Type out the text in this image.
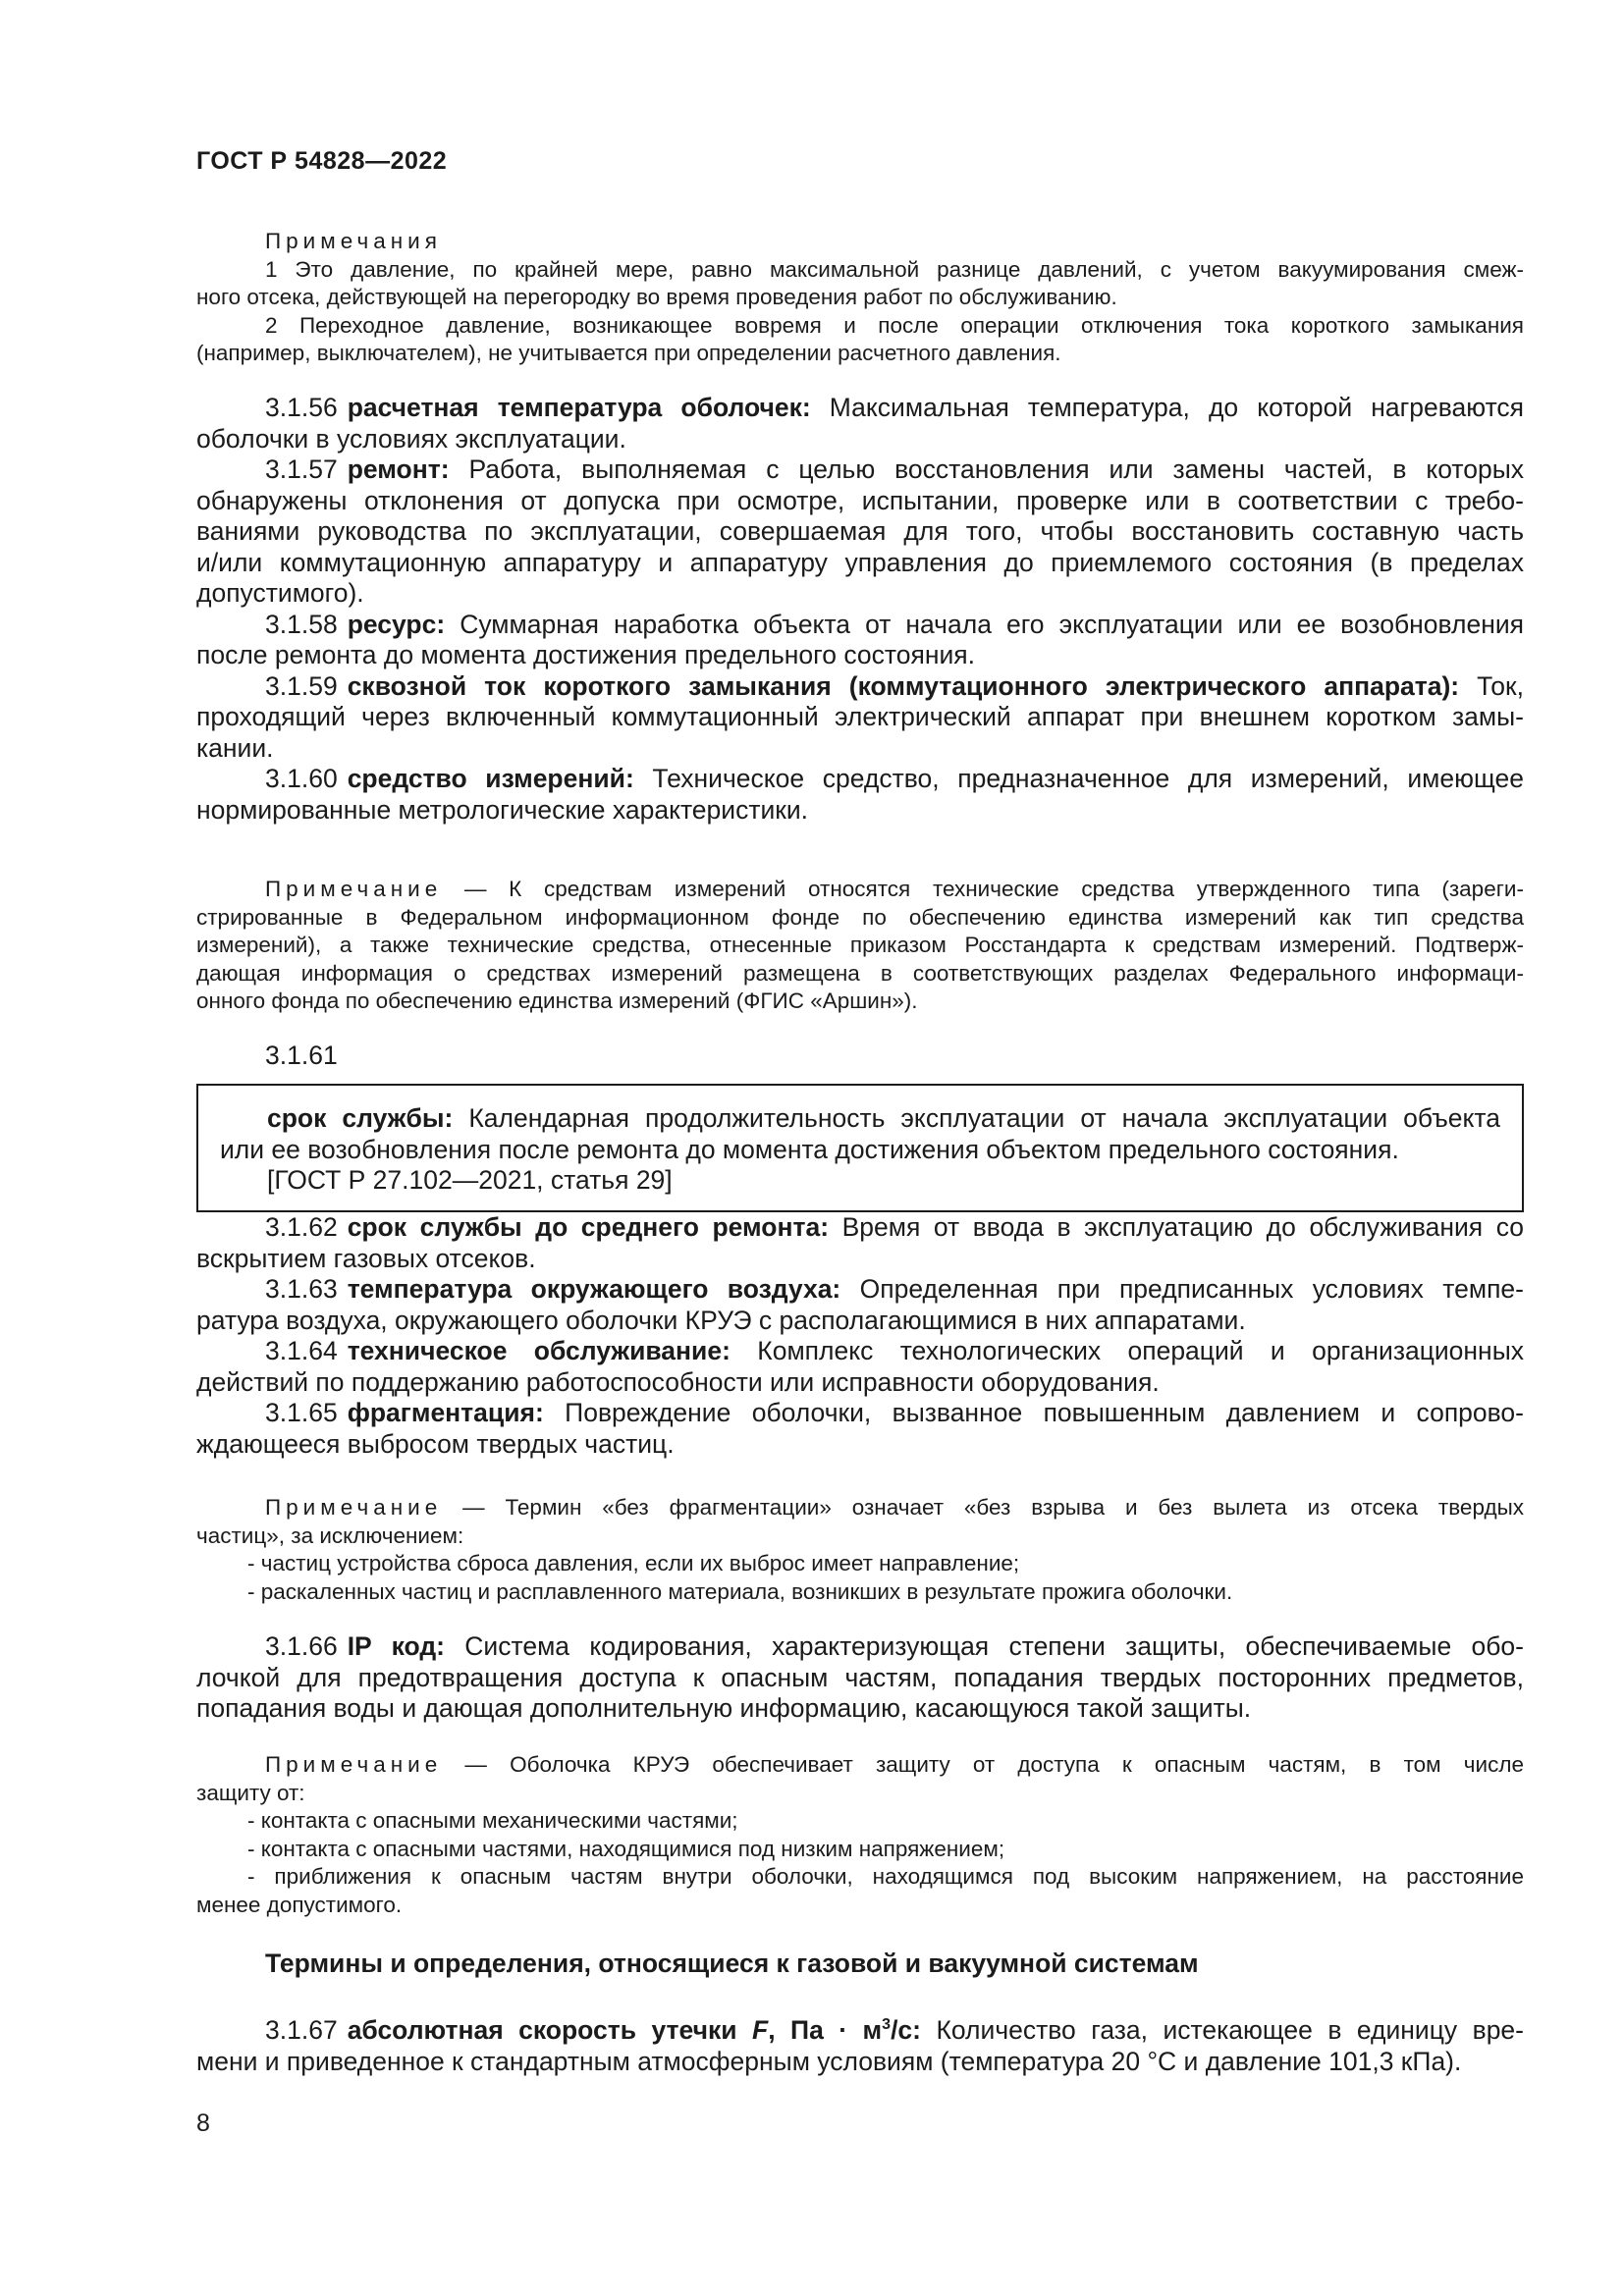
ГОСТ Р 54828—2022
Примечания
1 Это давление, по крайней мере, равно максимальной разнице давлений, с учетом вакуумирования смеж-
ного отсека, действующей на перегородку во время проведения работ по обслуживанию.
2 Переходное давление, возникающее вовремя и после операции отключения тока короткого замыкания
(например, выключателем), не учитывается при определении расчетного давления.
3.1.56 расчетная температура оболочек: Максимальная температура, до которой нагреваются
оболочки в условиях эксплуатации.
3.1.57 ремонт: Работа, выполняемая с целью восстановления или замены частей, в которых
обнаружены отклонения от допуска при осмотре, испытании, проверке или в соответствии с требо-
ваниями руководства по эксплуатации, совершаемая для того, чтобы восстановить составную часть
и/или коммутационную аппаратуру и аппаратуру управления до приемлемого состояния (в пределах
допустимого).
3.1.58 ресурс: Суммарная наработка объекта от начала его эксплуатации или ее возобновления
после ремонта до момента достижения предельного состояния.
3.1.59 сквозной ток короткого замыкания (коммутационного электрического аппарата): Ток,
проходящий через включенный коммутационный электрический аппарат при внешнем коротком замы-
кании.
3.1.60 средство измерений: Техническое средство, предназначенное для измерений, имеющее
нормированные метрологические характеристики.
Примечание — К средствам измерений относятся технические средства утвержденного типа (зареги-
стрированные в Федеральном информационном фонде по обеспечению единства измерений как тип средства
измерений), а также технические средства, отнесенные приказом Росстандарта к средствам измерений. Подтверж-
дающая информация о средствах измерений размещена в соответствующих разделах Федерального информаци-
онного фонда по обеспечению единства измерений (ФГИС «Аршин»).
3.1.61
срок службы: Календарная продолжительность эксплуатации от начала эксплуатации объекта
или ее возобновления после ремонта до момента достижения объектом предельного состояния.
[ГОСТ Р 27.102—2021, статья 29]
3.1.62 срок службы до среднего ремонта: Время от ввода в эксплуатацию до обслуживания со
вскрытием газовых отсеков.
3.1.63 температура окружающего воздуха: Определенная при предписанных условиях темпе-
ратура воздуха, окружающего оболочки КРУЭ с располагающимися в них аппаратами.
3.1.64 техническое обслуживание: Комплекс технологических операций и организационных
действий по поддержанию работоспособности или исправности оборудования.
3.1.65 фрагментация: Повреждение оболочки, вызванное повышенным давлением и сопрово-
ждающееся выбросом твердых частиц.
Примечание — Термин «без фрагментации» означает «без взрыва и без вылета из отсека твердых
частиц», за исключением:
- частиц устройства сброса давления, если их выброс имеет направление;
- раскаленных частиц и расплавленного материала, возникших в результате прожига оболочки.
3.1.66 IP код: Система кодирования, характеризующая степени защиты, обеспечиваемые обо-
лочкой для предотвращения доступа к опасным частям, попадания твердых посторонних предметов,
попадания воды и дающая дополнительную информацию, касающуюся такой защиты.
Примечание — Оболочка КРУЭ обеспечивает защиту от доступа к опасным частям, в том числе
защиту от:
- контакта с опасными механическими частями;
- контакта с опасными частями, находящимися под низким напряжением;
- приближения к опасным частям внутри оболочки, находящимся под высоким напряжением, на расстояние
менее допустимого.
Термины и определения, относящиеся к газовой и вакуумной системам
3.1.67 абсолютная скорость утечки F, Па · $м^3/с$: Количество газа, истекающее в единицу вре-
мени и приведенное к стандартным атмосферным условиям (температура 20 °С и давление 101,3 кПа).
8
